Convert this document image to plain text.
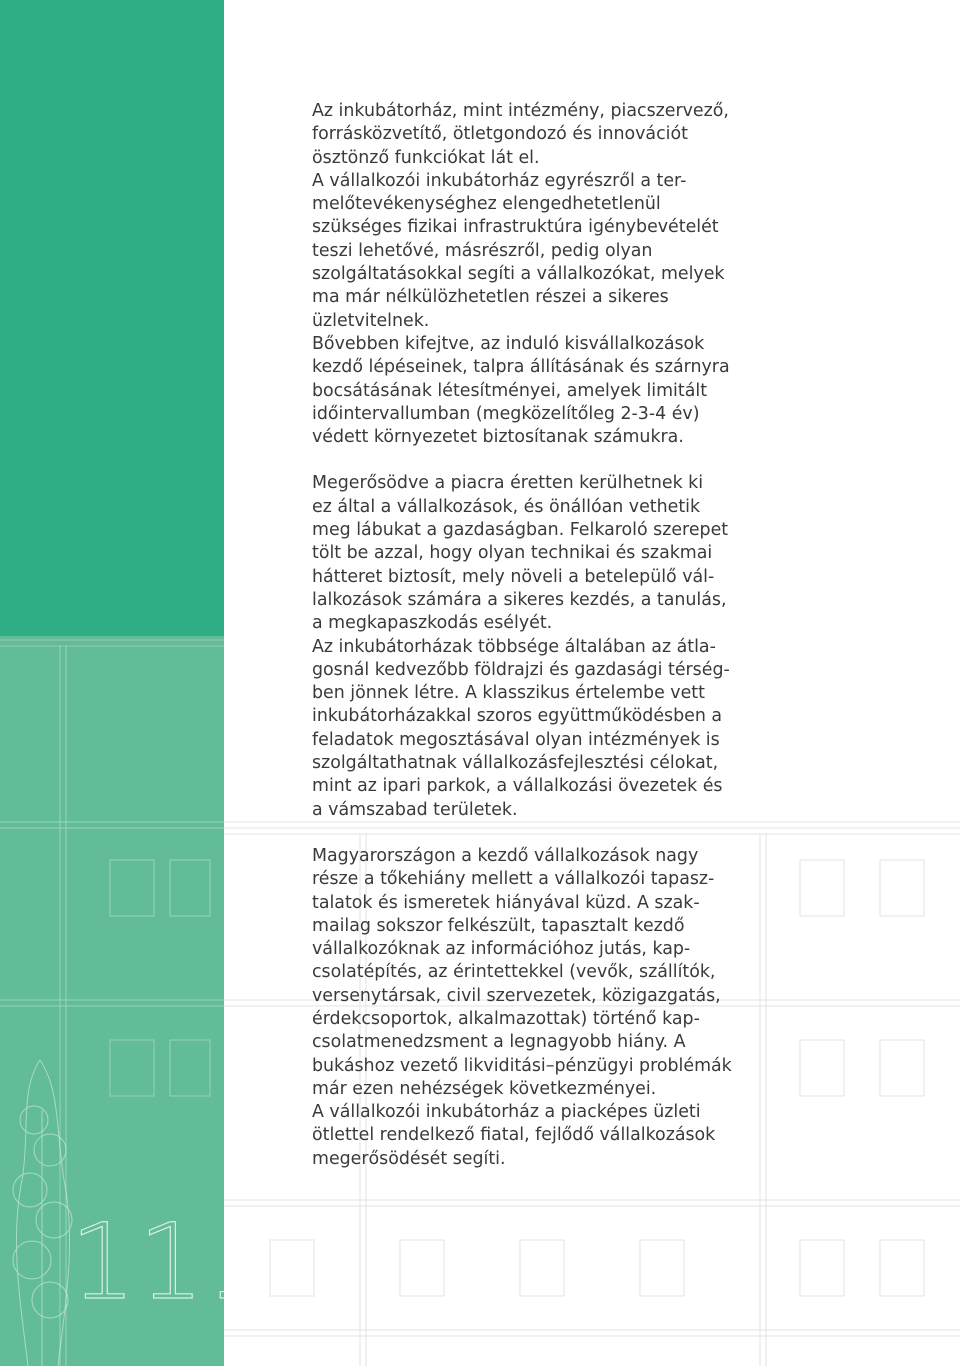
11.

Az inkubátorház, mint intézmény, piacszervező,
forrásközvetítő, ötletgondozó és innovációt
ösztönző funkciókat lát el.

A vállalkozói inkubátorház egyrészről a ter-
melőtevékenységhez elengedhetetlenül
szükséges fizikai infrastruktúra igénybevételét
teszi lehetővé, másrészről, pedig olyan
szolgáltatásokkal segíti a vállalkozókat, melyek
ma már nélkülözhetetlen részei a sikeres
üzletvitelnek.

Bővebben kifejtve, az induló kisvállalkozások
kezdő lépéseinek, talpra állításának és szárnyra
bocsátásának létesítményei, amelyek limitált
időintervallumban (megközelítőleg 2-3-4 év)
védett környezetet biztosítanak számukra.

Megerősödve a piacra éretten kerülhetnek ki
ez által a vállalkozások, és önállóan vethetik
meg lábukat a gazdaságban. Felkaroló szerepet
tölt be azzal, hogy olyan technikai és szakmai
hátteret biztosít, mely növeli a betelepülő vál-
lalkozások számára a sikeres kezdés, a tanulás,
a megkapaszkodás esélyét.

Az inkubátorházak többsége általában az átla-
gosnál kedvezőbb földrajzi és gazdasági térség-
ben jönnek létre. A klasszikus értelembe vett
inkubátorházakkal szoros együttműködésben a
feladatok megosztásával olyan intézmények is
szolgáltathatnak vállalkozásfejlesztési célokat,
mint az ipari parkok, a vállalkozási övezetek és
a vámszabad területek.

Magyarországon a kezdő vállalkozások nagy
része a tőkehiány mellett a vállalkozói tapasz-
talatok és ismeretek hiányával küzd. A szak-
mailag sokszor felkészült, tapasztalt kezdő
vállalkozóknak az információhoz jutás, kap-
csolatépítés, az érintettekkel (vevők, szállítók,
versenytársak, civil szervezetek, közigazgatás,
érdekcsoportok, alkalmazottak) történő kap-
csolatmenedzsment a legnagyobb hiány. A
bukáshoz vezető likviditási–pénzügyi problémák
már ezen nehézségek következményei.

A vállalkozói inkubátorház a piacképes üzleti
ötlettel rendelkező fiatal, fejlődő vállalkozások
megerősödését segíti.
